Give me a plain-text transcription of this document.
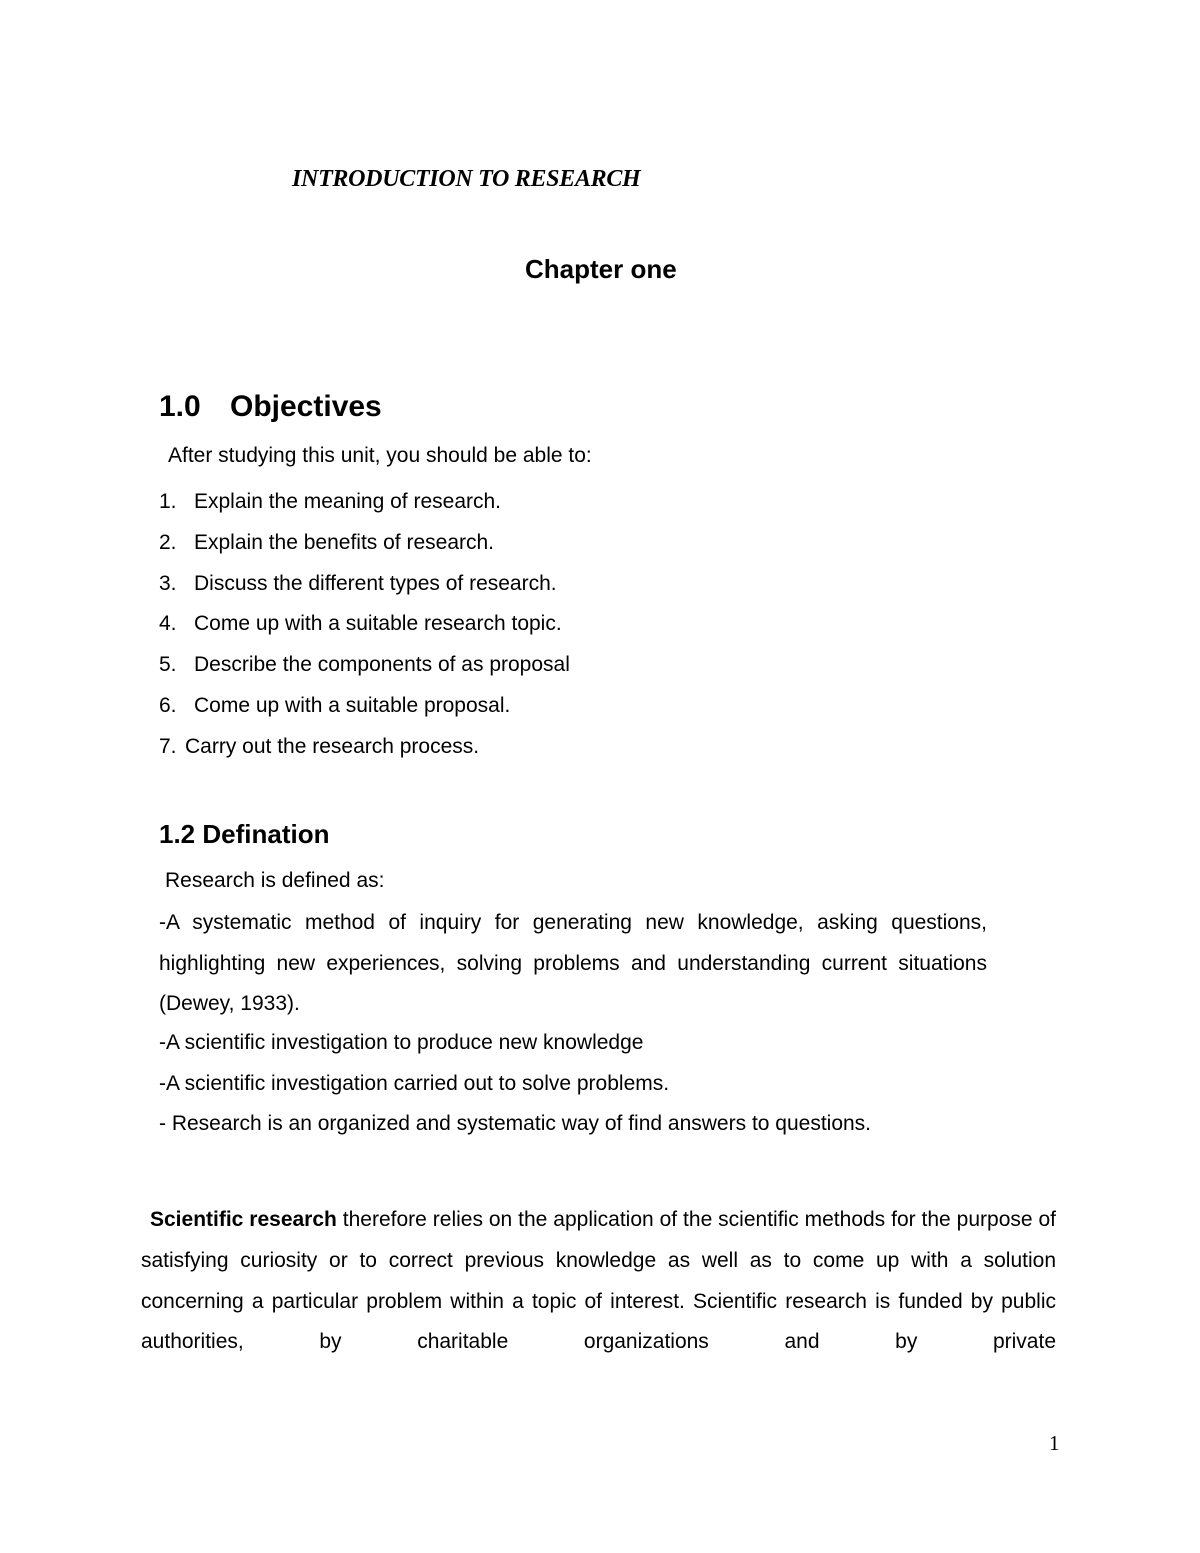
INTRODUCTION TO RESEARCH
Chapter one
1.0 Objectives
After studying this unit, you should be able to:
1. Explain the meaning of research.
2. Explain the benefits of research.
3. Discuss the different types of research.
4. Come up with a suitable research topic.
5. Describe the components of as proposal
6. Come up with a suitable proposal.
7. Carry out the research process.
1.2 Defination
Research is defined as:
-A systematic method of inquiry for generating new knowledge, asking questions, highlighting new experiences, solving problems and understanding current situations (Dewey, 1933).
-A scientific investigation to produce new knowledge
-A scientific investigation carried out to solve problems.
- Research is an organized and systematic way of find answers to questions.
Scientific research therefore relies on the application of the scientific methods for the purpose of satisfying curiosity or to correct previous knowledge as well as to come up with a solution concerning a particular problem within a topic of interest. Scientific research is funded by public authorities, by charitable organizations and by private
1
